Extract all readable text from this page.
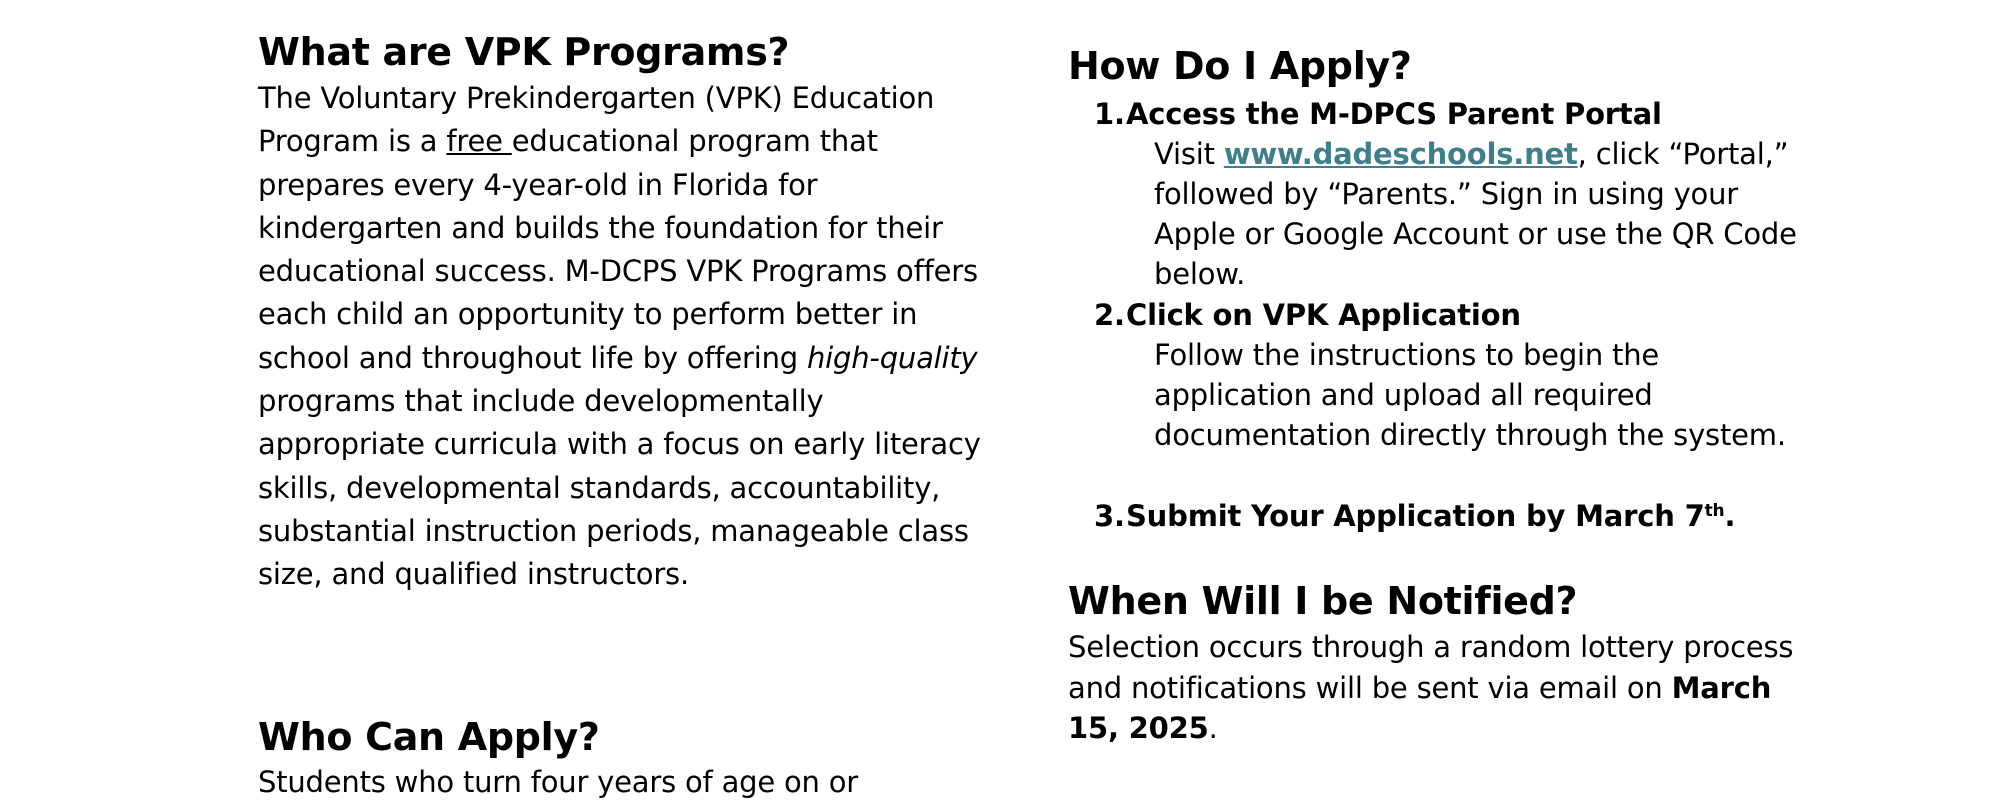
What are VPK Programs?

The Voluntary Prekindergarten (VPK) Education Program is a free educational program that prepares every 4-year-old in Florida for kindergarten and builds the foundation for their educational success. M-DCPS VPK Programs offers each child an opportunity to perform better in school and throughout life by offering high-quality programs that include developmentally appropriate curricula with a focus on early literacy skills, developmental standards, accountability, substantial instruction periods, manageable class size, and qualified instructors.

Who Can Apply?

Students who turn four years of age on or

How Do I Apply?
1. Access the M-DPCS Parent Portal

Visit www.dadeschools.net, click “Portal,” followed by “Parents.” Sign in using your Apple or Google Account or use the QR Code below.

2. Click on VPK Application

Follow the instructions to begin the application and upload all required documentation directly through the system.

3. Submit Your Application by March 7th.
When Will I be Notified?

Selection occurs through a random lottery process and notifications will be sent via email on March 15, 2025.
